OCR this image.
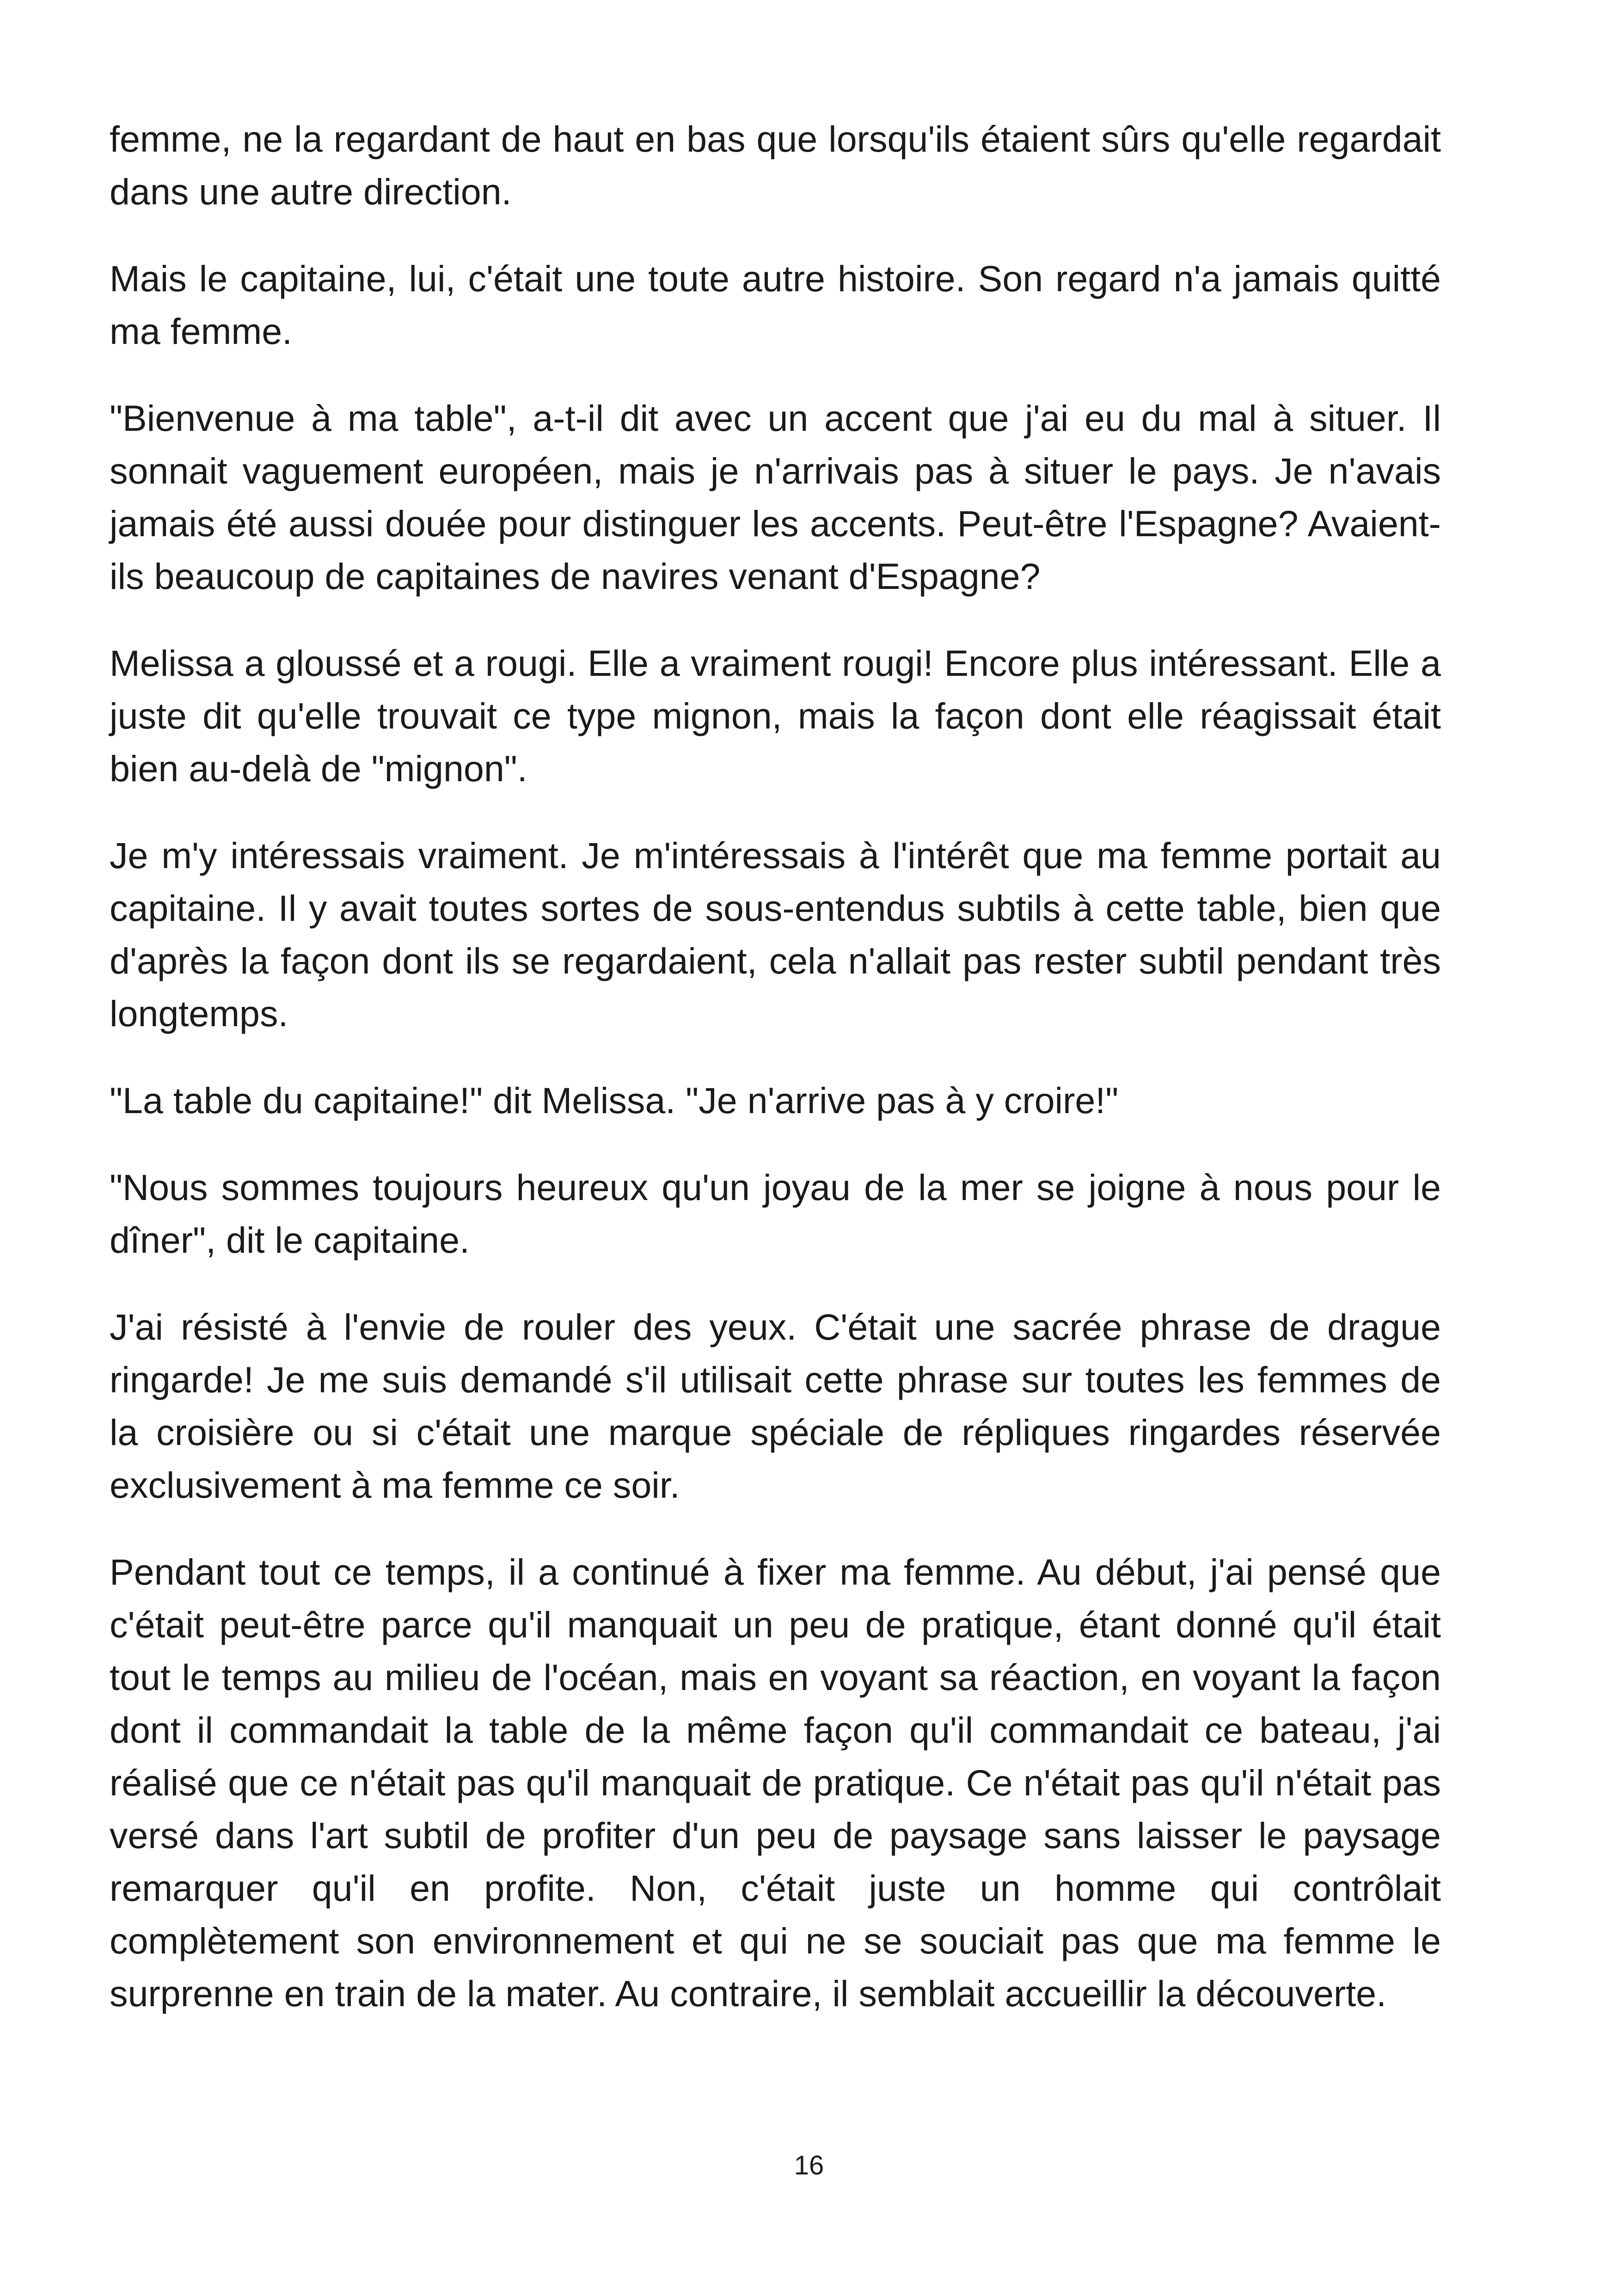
femme, ne la regardant de haut en bas que lorsqu'ils étaient sûrs qu'elle regardait dans une autre direction.

Mais le capitaine, lui, c'était une toute autre histoire. Son regard n'a jamais quitté ma femme.

"Bienvenue à ma table", a-t-il dit avec un accent que j'ai eu du mal à situer. Il sonnait vaguement européen, mais je n'arrivais pas à situer le pays. Je n'avais jamais été aussi douée pour distinguer les accents. Peut-être l'Espagne? Avaient-ils beaucoup de capitaines de navires venant d'Espagne?

Melissa a gloussé et a rougi. Elle a vraiment rougi! Encore plus intéressant. Elle a juste dit qu'elle trouvait ce type mignon, mais la façon dont elle réagissait était bien au-delà de "mignon".

Je m'y intéressais vraiment. Je m'intéressais à l'intérêt que ma femme portait au capitaine. Il y avait toutes sortes de sous-entendus subtils à cette table, bien que d'après la façon dont ils se regardaient, cela n'allait pas rester subtil pendant très longtemps.

"La table du capitaine!" dit Melissa. "Je n'arrive pas à y croire!"

"Nous sommes toujours heureux qu'un joyau de la mer se joigne à nous pour le dîner", dit le capitaine.

J'ai résisté à l'envie de rouler des yeux. C'était une sacrée phrase de drague ringarde! Je me suis demandé s'il utilisait cette phrase sur toutes les femmes de la croisière ou si c'était une marque spéciale de répliques ringardes réservée exclusivement à ma femme ce soir.

Pendant tout ce temps, il a continué à fixer ma femme. Au début, j'ai pensé que c'était peut-être parce qu'il manquait un peu de pratique, étant donné qu'il était tout le temps au milieu de l'océan, mais en voyant sa réaction, en voyant la façon dont il commandait la table de la même façon qu'il commandait ce bateau, j'ai réalisé que ce n'était pas qu'il manquait de pratique. Ce n'était pas qu'il n'était pas versé dans l'art subtil de profiter d'un peu de paysage sans laisser le paysage remarquer qu'il en profite. Non, c'était juste un homme qui contrôlait complètement son environnement et qui ne se souciait pas que ma femme le surprenne en train de la mater. Au contraire, il semblait accueillir la découverte.

16
